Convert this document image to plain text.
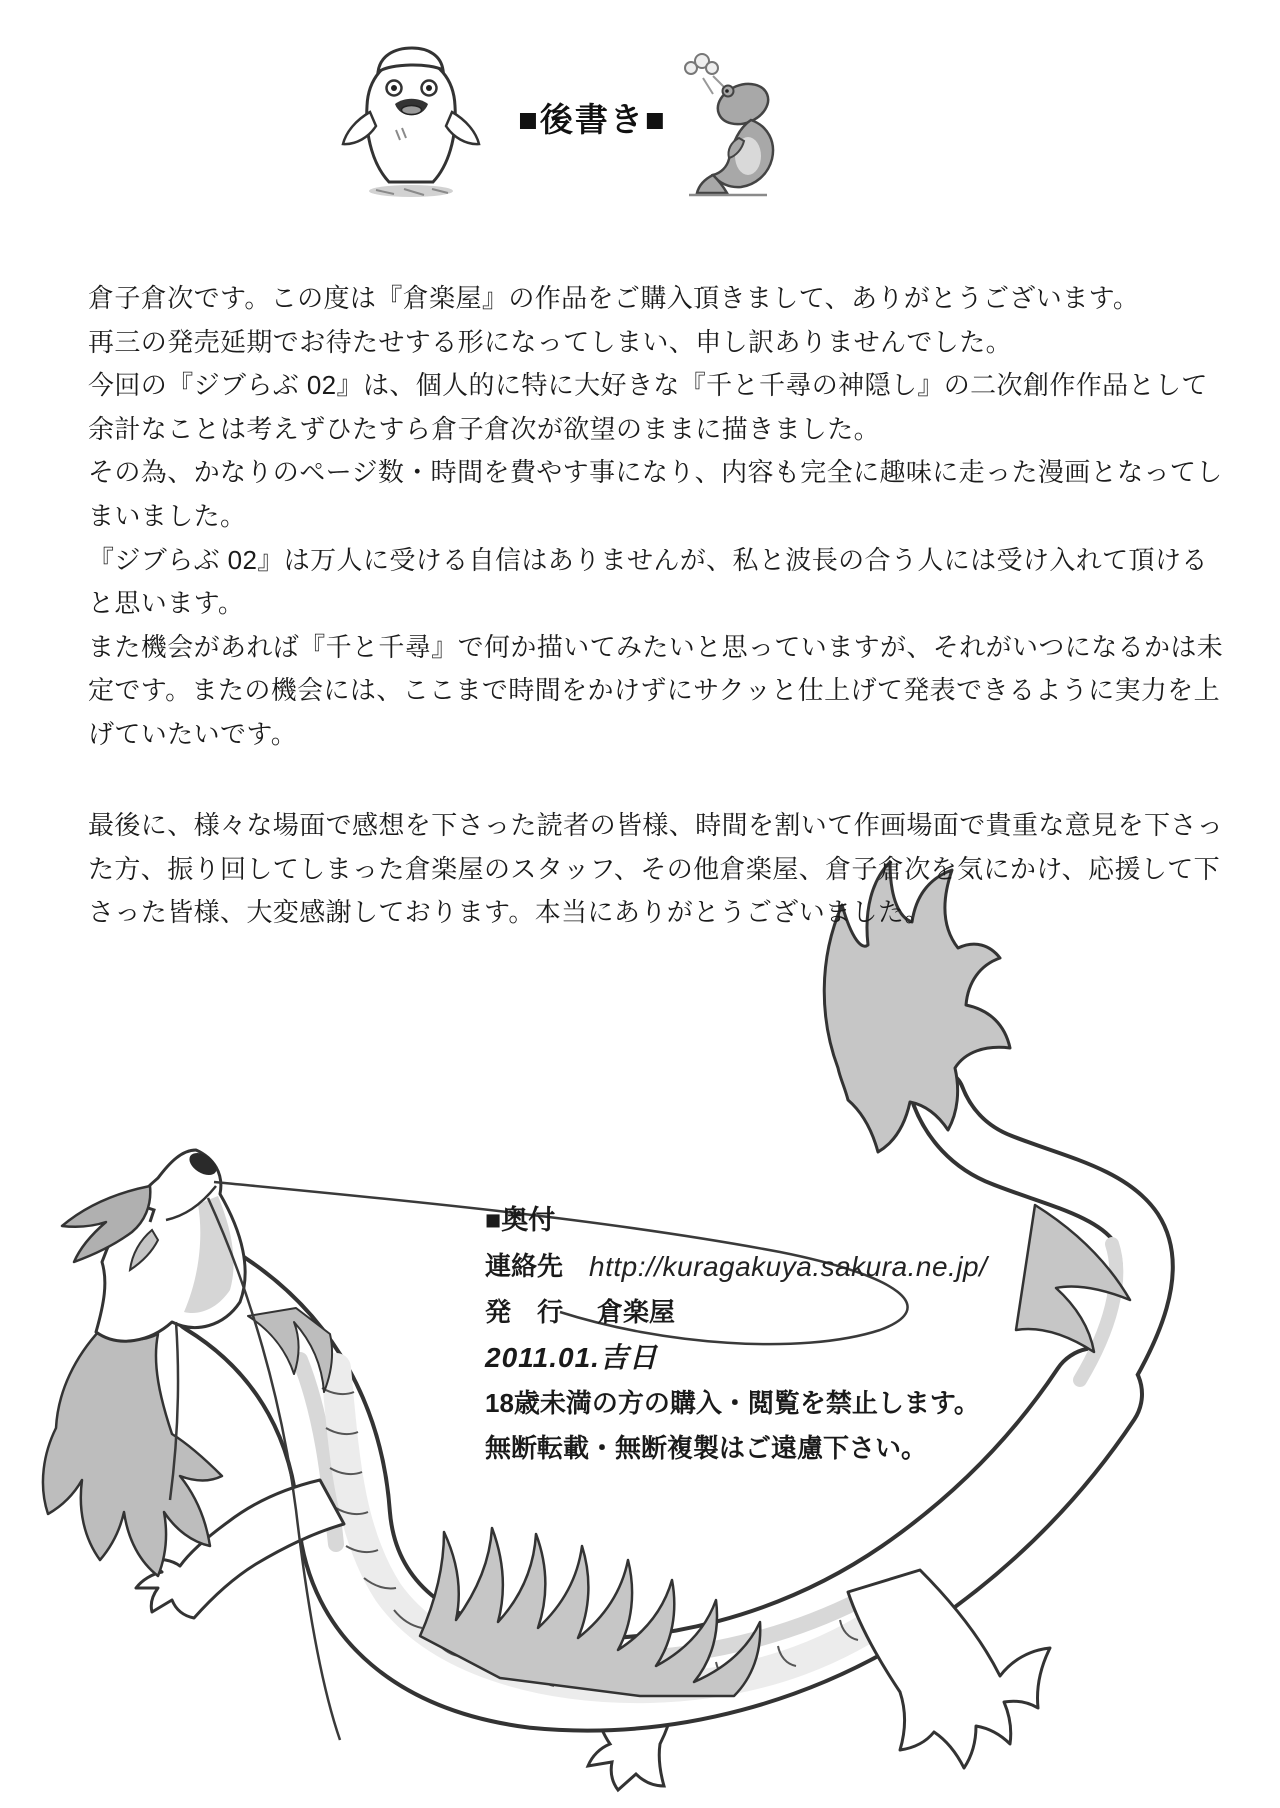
■後書き■
倉子倉次です。この度は『倉楽屋』の作品をご購入頂きまして、ありがとうございます。
再三の発売延期でお待たせする形になってしまい、申し訳ありませんでした。
今回の『ジブらぶ 02』は、個人的に特に大好きな『千と千尋の神隠し』の二次創作作品として
余計なことは考えずひたすら倉子倉次が欲望のままに描きました。
その為、かなりのページ数・時間を費やす事になり、内容も完全に趣味に走った漫画となってし
まいました。
『ジブらぶ 02』は万人に受ける自信はありませんが、私と波長の合う人には受け入れて頂ける
と思います。
また機会があれば『千と千尋』で何か描いてみたいと思っていますが、それがいつになるかは未
定です。またの機会には、ここまで時間をかけずにサクッと仕上げて発表できるように実力を上
げていたいです。
最後に、様々な場面で感想を下さった読者の皆様、時間を割いて作画場面で貴重な意見を下さっ
た方、振り回してしまった倉楽屋のスタッフ、その他倉楽屋、倉子倉次を気にかけ、応援して下
さった皆様、大変感謝しております。本当にありがとうございました。
■奥付
連絡先 http://kuragakuya.sakura.ne.jp/
発　行 倉楽屋
2011.01.吉日
18歳未満の方の購入・閲覧を禁止します。
無断転載・無断複製はご遠慮下さい。
